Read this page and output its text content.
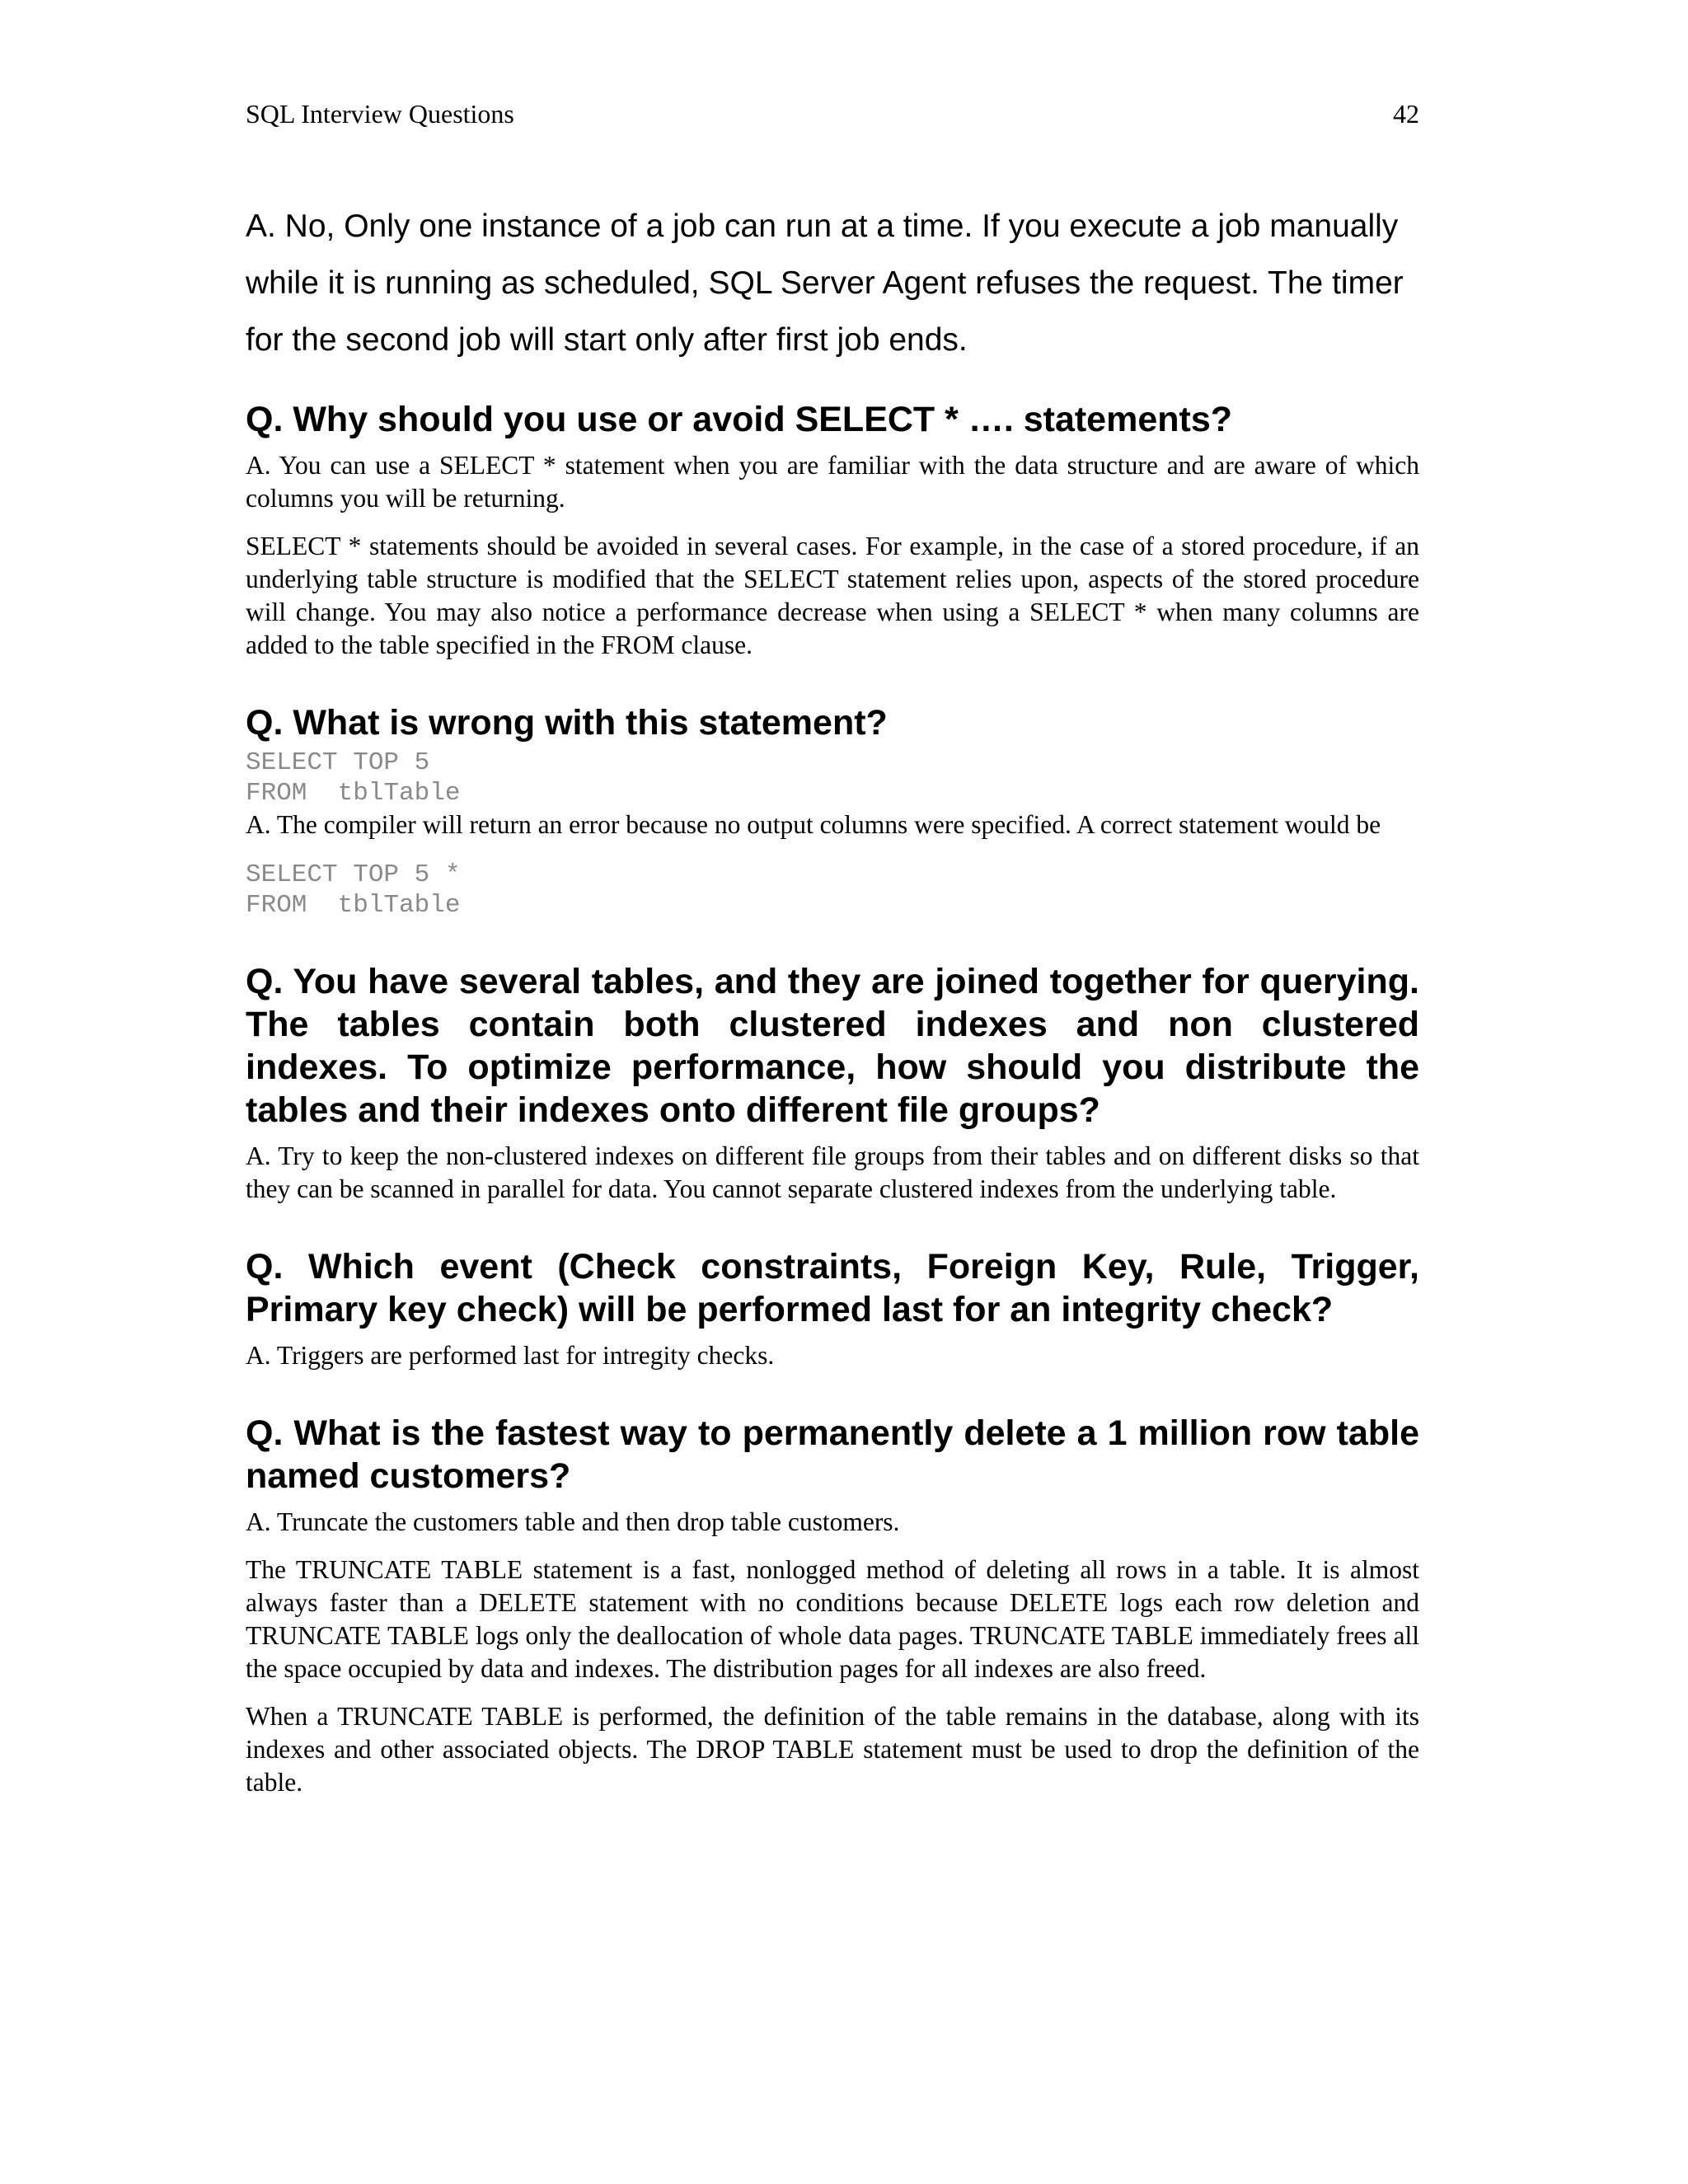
SQL Interview Questions	42

A. No, Only one instance of a job can run at a time. If you execute a job manually while it is running as scheduled, SQL Server Agent refuses the request. The timer for the second job will start only after first job ends.

Q. Why should you use or avoid SELECT * …. statements?

A. You can use a SELECT * statement when you are familiar with the data structure and are aware of which columns you will be returning.

SELECT * statements should be avoided in several cases. For example, in the case of a stored procedure, if an underlying table structure is modified that the SELECT statement relies upon, aspects of the stored procedure will change. You may also notice a performance decrease when using a SELECT * when many columns are added to the table specified in the FROM clause.

Q. What is wrong with this statement?
SELECT TOP 5
FROM  tblTable

A. The compiler will return an error because no output columns were specified. A correct statement would be

SELECT TOP 5 *
FROM  tblTable
Q. You have several tables, and they are joined together for querying. The tables contain both clustered indexes and non clustered indexes. To optimize performance, how should you distribute the tables and their indexes onto different file groups?

A. Try to keep the non-clustered indexes on different file groups from their tables and on different disks so that they can be scanned in parallel for data. You cannot separate clustered indexes from the underlying table.

Q. Which event (Check constraints, Foreign Key, Rule, Trigger, Primary key check) will be performed last for an integrity check?

A. Triggers are performed last for intregity checks.

Q. What is the fastest way to permanently delete a 1 million row table named customers?

A. Truncate the customers table and then drop table customers.

The TRUNCATE TABLE statement is a fast, nonlogged method of deleting all rows in a table. It is almost always faster than a DELETE statement with no conditions because DELETE logs each row deletion and TRUNCATE TABLE logs only the deallocation of whole data pages. TRUNCATE TABLE immediately frees all the space occupied by data and indexes. The distribution pages for all indexes are also freed.

When a TRUNCATE TABLE is performed, the definition of the table remains in the database, along with its indexes and other associated objects. The DROP TABLE statement must be used to drop the definition of the table.
